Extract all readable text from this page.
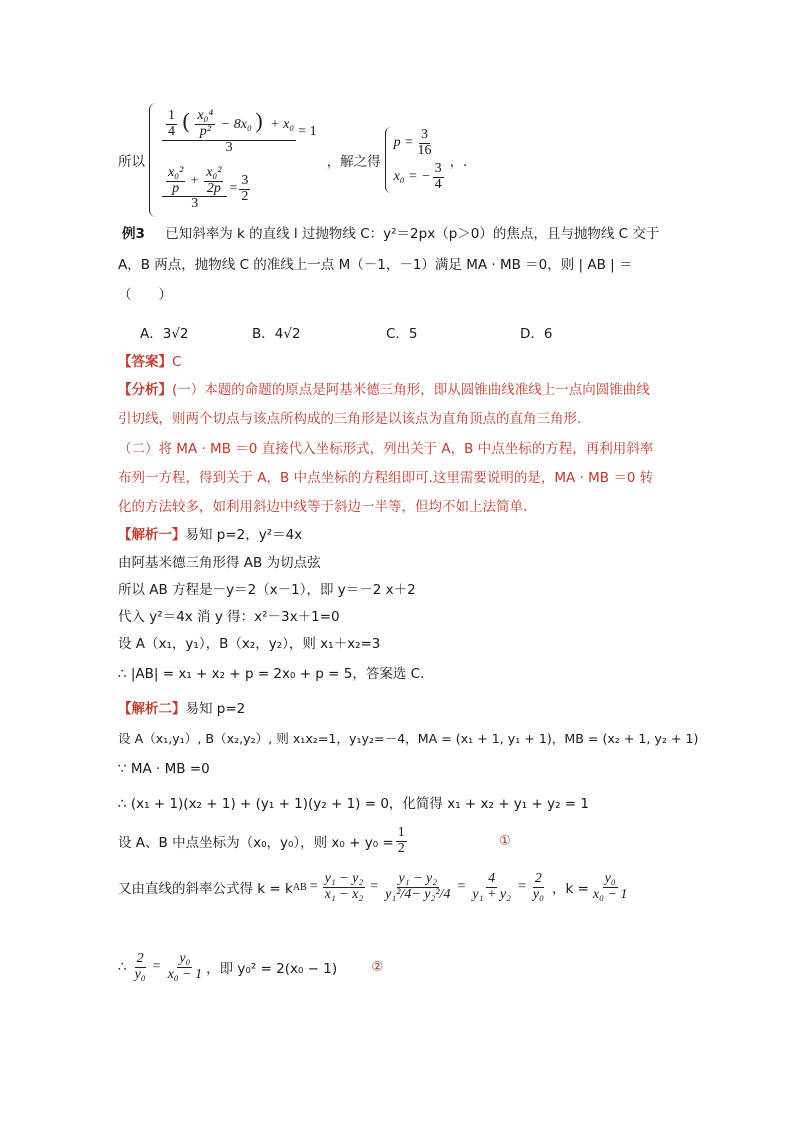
所以
$\frac{1}{4}$ ( $\frac{\text{x₀⁴}}{\text{p²}} - 8x_0$ ) + x₀
3
= 1
$\frac{\frac{\text{x₀²}}{p} + \frac{\text{x₀²}}{2p}}{3} = \frac{3}{2}$
，解之得
$p = \frac{3}{16}$
x₀ = − $\frac{3}{4}$ ，.
例3 已知斜率为 k 的直线 l 过抛物线 C：y²＝2px（p＞0）的焦点，且与抛物线 C 交于
A，B 两点，抛物线 C 的准线上一点 M（－1，－1）满足 MA · MB ＝0，则 | AB | ＝
（　　）
A．3√2	B．4√2	C．5	D．6
【答案】C
【分析】(一）本题的命题的原点是阿基米德三角形，即从圆锥曲线准线上一点向圆锥曲线
引切线，则两个切点与该点所构成的三角形是以该点为直角顶点的直角三角形.
（二）将 MA · MB ＝0 直接代入坐标形式，列出关于 A，B 中点坐标的方程，再利用斜率
布列一方程，得到关于 A，B 中点坐标的方程组即可.这里需要说明的是，MA · MB ＝0 转
化的方法较多，如利用斜边中线等于斜边一半等，但均不如上法简单.
【解析一】易知 p=2，y²＝4x
由阿基米德三角形得 AB 为切点弦
所以 AB 方程是－y＝2（x－1），即 y＝－2 x＋2
代入 y²＝4x 消 y 得：x²－3x＋1=0
设 A（x₁，y₁），B（x₂，y₂），则 x₁＋x₂=3
∴ |AB| = x₁ + x₂ + p = 2x₀ + p = 5，答案选 C.
【解析二】易知 p=2
设 A（x₁,y₁）, B（x₂,y₂）, 则 x₁x₂=1，y₁y₂=－4，MA = (x₁ + 1, y₁ + 1)，MB = (x₂ + 1, y₂ + 1)
∵ MA · MB =0
∴ (x₁ + 1)(x₂ + 1) + (y₁ + 1)(y₂ + 1) = 0，化简得 x₁ + x₂ + y₁ + y₂ = 1
设 A、B 中点坐标为（x₀，y₀），则 $x_0 + y_0 = \frac{1}{2}$	①
又由直线的斜率公式得 k = k AB = $\frac{\text{y₁ − y₂}}{\text{x₁ − x₂}} = \frac{\text{y₁ − y₂}}{\text{y₁²/4− y₂²/4}} = \frac{4}{\text{y₁ + y₂}} = \frac{2}{\text{y₀}}$ ，$k = \frac{\text{y₀}}{\text{x₀ − 1}}$
∴ $\frac{2}{\text{y₀}} = \frac{\text{y₀}}{\text{x₀ − 1}}$ ，即 y₀² = 2(x₀ − 1)	②
